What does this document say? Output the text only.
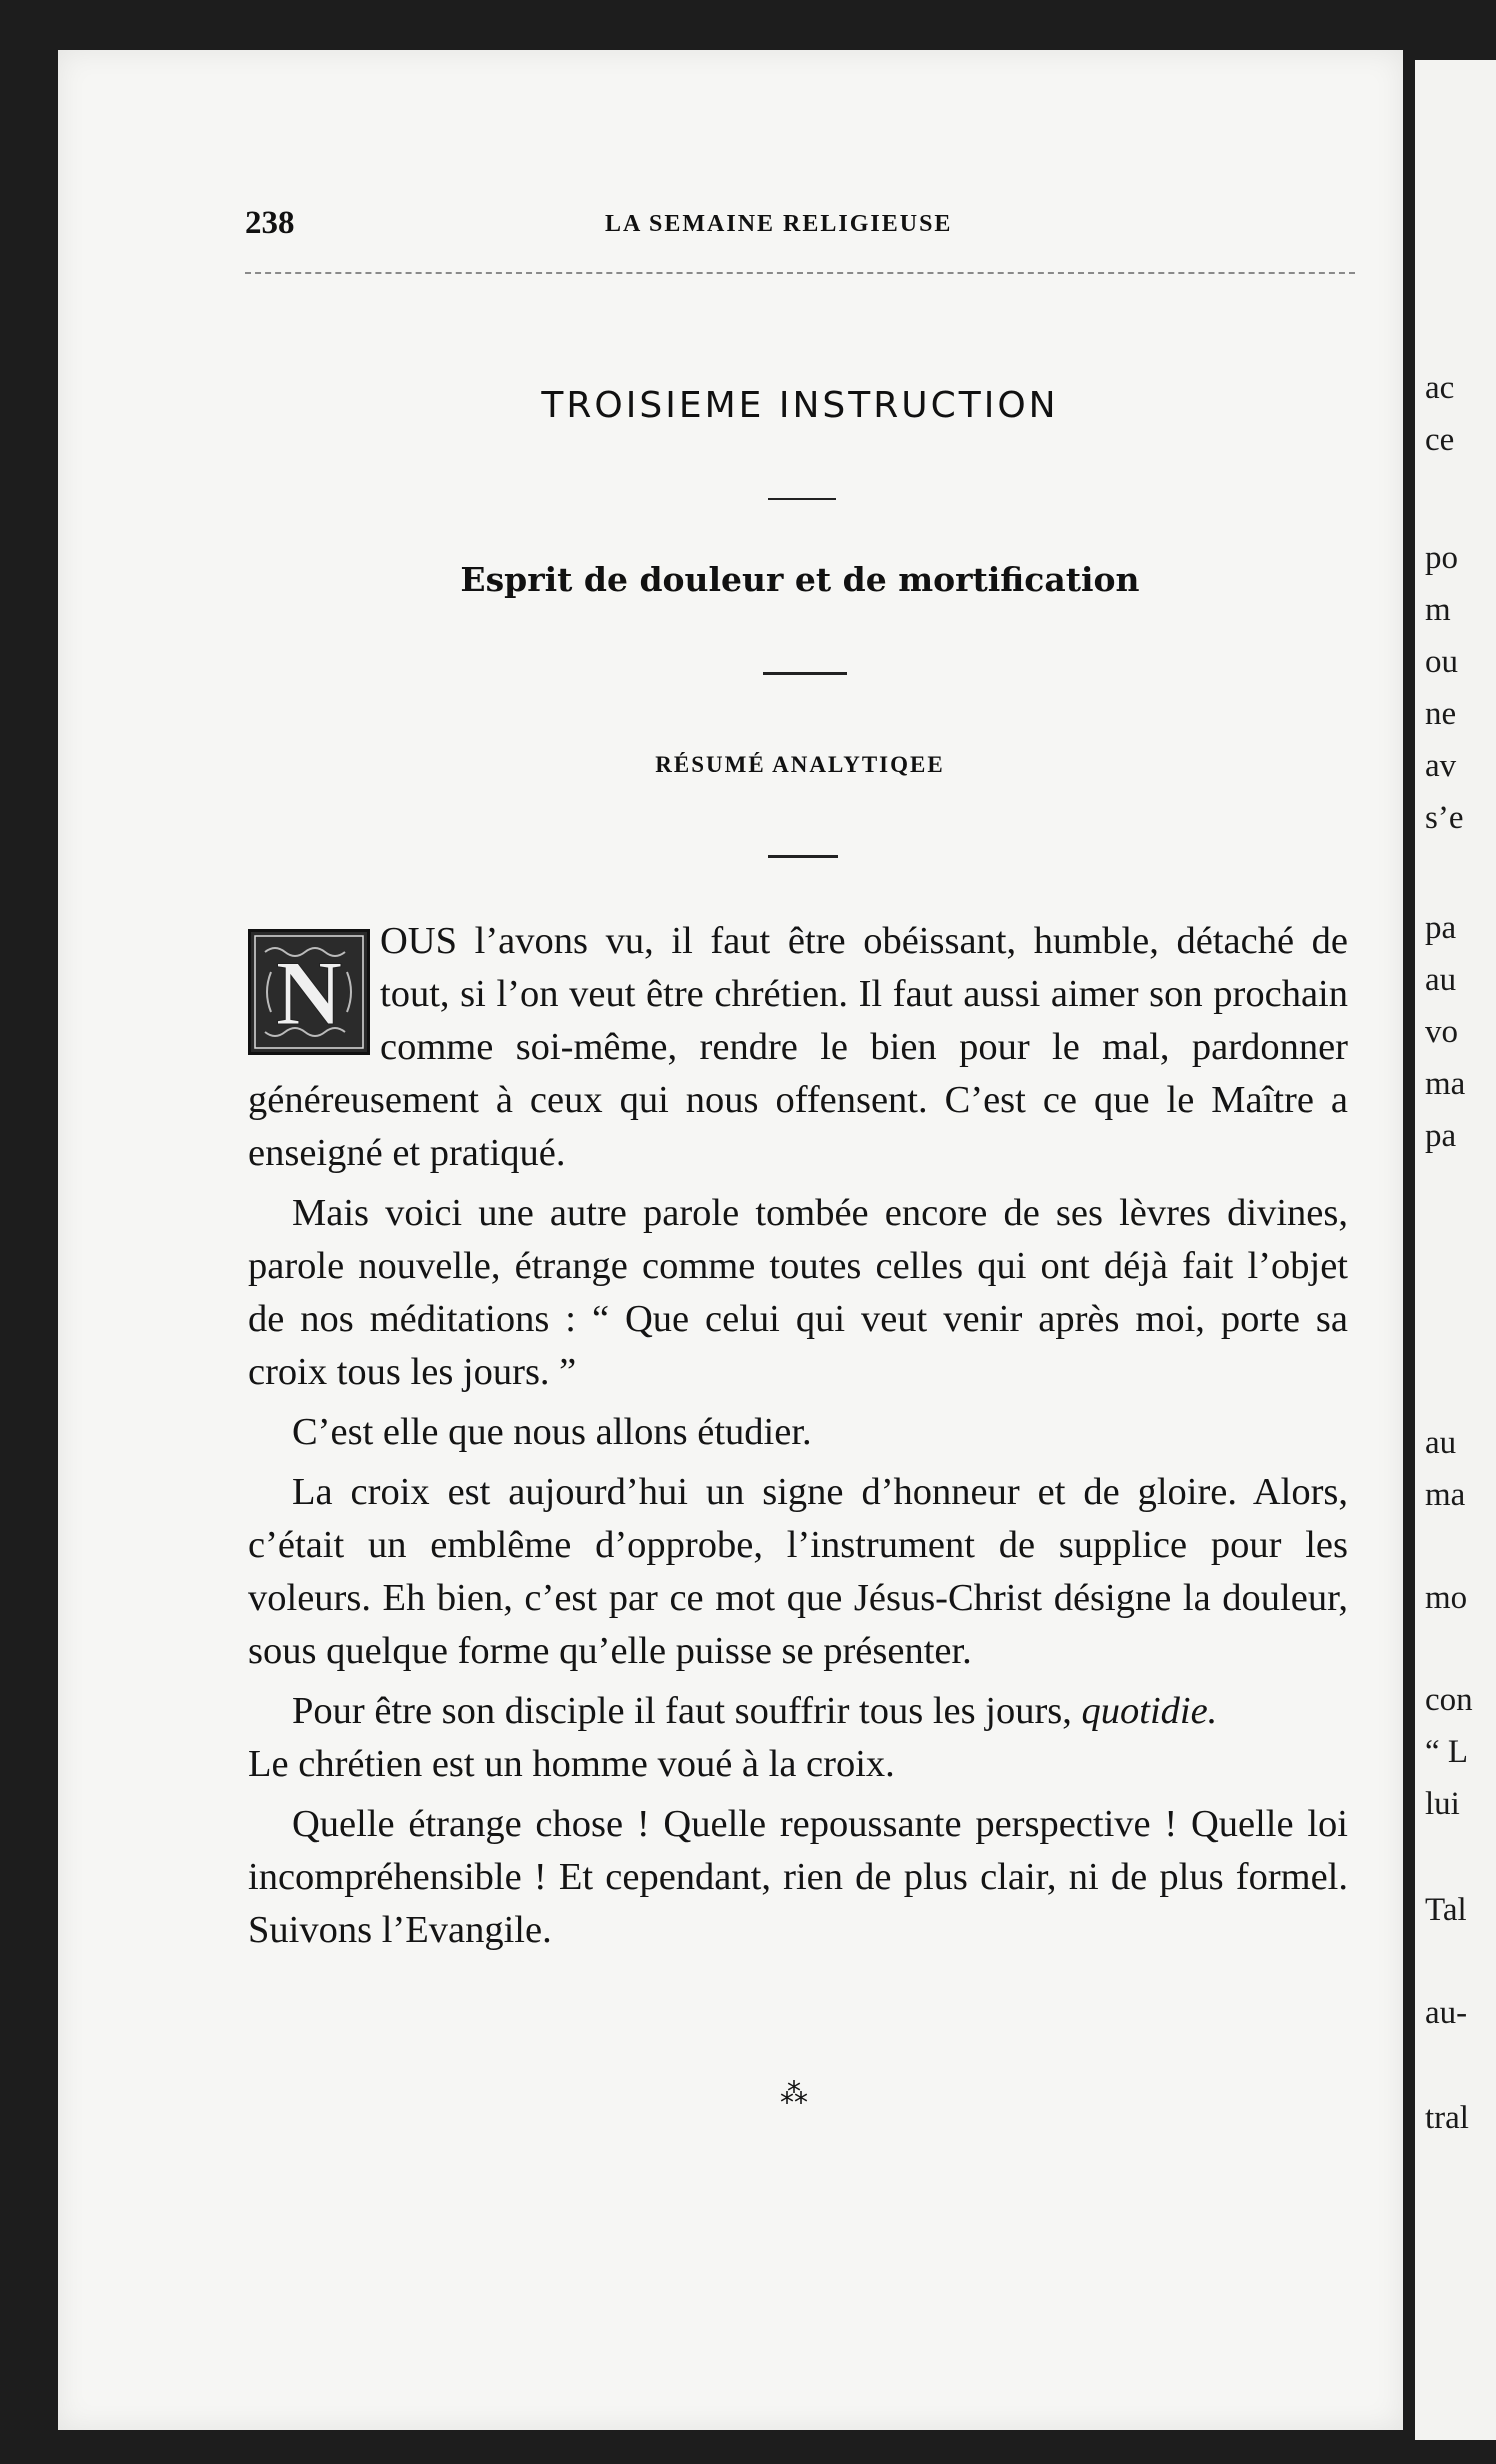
ac
ce
po
m
ou
ne
av
s’e
pa
au
vo
ma
pa
au
ma
mo
con
“ L
lui
Tal
au-
tral
238	LA SEMAINE RELIGIEUSE
TROISIEME INSTRUCTION
Esprit de douleur et de mortification
RÉSUMÉ ANALYTIQEE

N
OUS l’avons vu, il faut être obéissant, humble, détaché de tout, si l’on veut être chrétien. Il faut aussi aimer son prochain comme soi-même, rendre le bien pour le mal, pardonner généreusement à ceux qui nous offensent. C’est ce que le Maître a enseigné et pratiqué.

Mais voici une autre parole tombée encore de ses lèvres divines, parole nouvelle, étrange comme toutes celles qui ont déjà fait l’objet de nos méditations : “ Que celui qui veut venir après moi, porte sa croix tous les jours. ”

C’est elle que nous allons étudier.

La croix est aujourd’hui un signe d’honneur et de gloire. Alors, c’était un emblême d’opprobe, l’instrument de supplice pour les voleurs. Eh bien, c’est par ce mot que Jésus-Christ désigne la douleur, sous quelque forme qu’elle puisse se présenter.

Pour être son disciple il faut souffrir tous les jours, quotidie.
Le chrétien est un homme voué à la croix.

Quelle étrange chose ! Quelle repoussante perspective ! Quelle loi incompréhensible ! Et cependant, rien de plus clair, ni de plus formel. Suivons l’Evangile.

⁂
